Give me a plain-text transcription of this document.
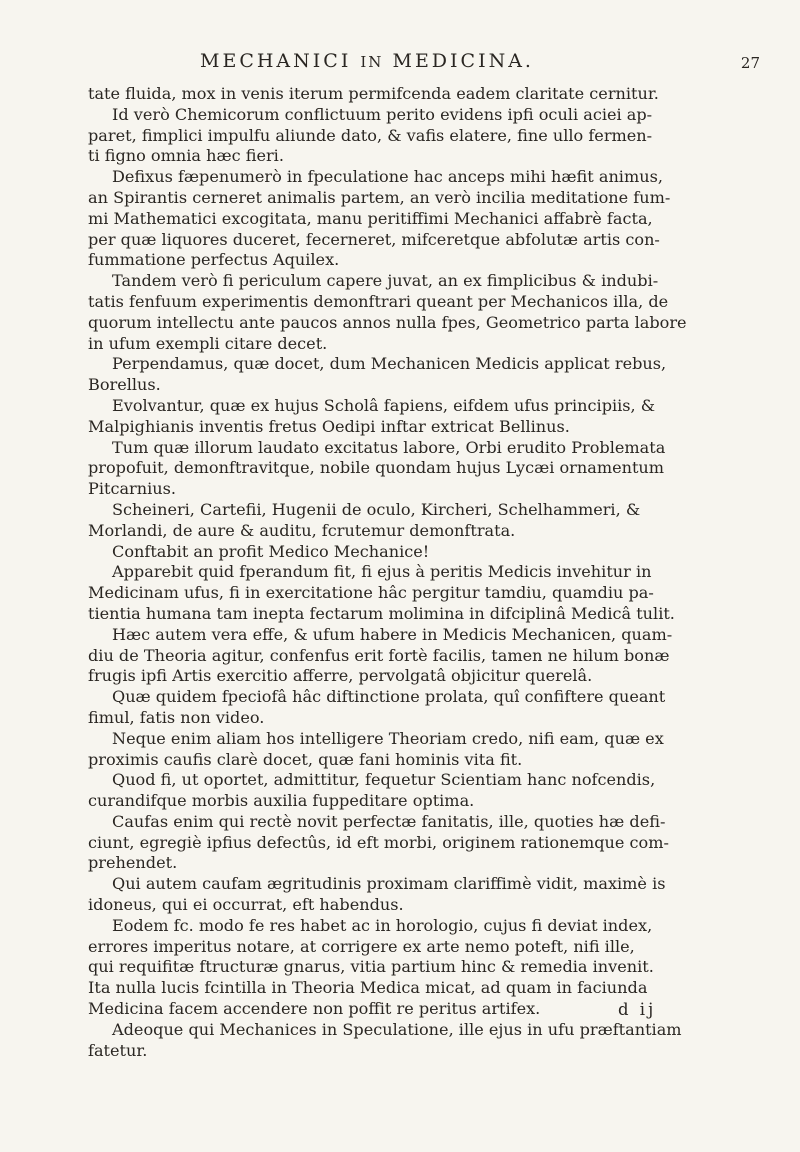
MECHANICI IN MEDICINA.	27
tate fluida, mox in venis iterum permifcenda eadem claritate cernitur.
Id verò Chemicorum conflictuum perito evidens ipfi oculi aciei ap-
paret, fimplici impulfu aliunde dato, & vafis elatere, fine ullo fermen-
ti figno omnia hæc fieri.
Defixus fæpenumerò in fpeculatione hac anceps mihi hæfit animus,
an Spirantis cerneret animalis partem, an verò incilia meditatione fum-
mi Mathematici excogitata, manu peritiffimi Mechanici affabrè facta,
per quæ liquores duceret, fecerneret, mifceretque abfolutæ artis con-
fummatione perfectus Aquilex.
Tandem verò fi periculum capere juvat, an ex fimplicibus & indubi-
tatis fenfuum experimentis demonftrari queant per Mechanicos illa, de
quorum intellectu ante paucos annos nulla fpes, Geometrico parta labore
in ufum exempli citare decet.
Perpendamus, quæ docet, dum Mechanicen Medicis applicat rebus,
Borellus.
Evolvantur, quæ ex hujus Scholâ fapiens, eifdem ufus principiis, &
Malpighianis inventis fretus Oedipi inftar extricat Bellinus.
Tum quæ illorum laudato excitatus labore, Orbi erudito Problemata
propofuit, demonftravitque, nobile quondam hujus Lycæi ornamentum
Pitcarnius.
Scheineri, Cartefii, Hugenii de oculo, Kircheri, Schelhammeri, &
Morlandi, de aure & auditu, fcrutemur demonftrata.
Conftabit an profit Medico Mechanice!
Apparebit quid fperandum fit, fi ejus à peritis Medicis invehitur in
Medicinam ufus, fi in exercitatione hâc pergitur tamdiu, quamdiu pa-
tientia humana tam inepta fectarum molimina in difciplinâ Medicâ tulit.
Hæc autem vera effe, & ufum habere in Medicis Mechanicen, quam-
diu de Theoria agitur, confenfus erit fortè facilis, tamen ne hilum bonæ
frugis ipfi Artis exercitio afferre, pervolgatâ objicitur querelâ.
Quæ quidem fpeciofâ hâc diftinctione prolata, quî confiftere queant
fimul, fatis non video.
Neque enim aliam hos intelligere Theoriam credo, nifi eam, quæ ex
proximis caufis clarè docet, quæ fani hominis vita fit.
Quod fi, ut oportet, admittitur, fequetur Scientiam hanc nofcendis,
curandifque morbis auxilia fuppeditare optima.
Caufas enim qui rectè novit perfectæ fanitatis, ille, quoties hæ defi-
ciunt, egregiè ipfius defectûs, id eft morbi, originem rationemque com-
prehendet.
Qui autem caufam ægritudinis proximam clariffimè vidit, maximè is
idoneus, qui ei occurrat, eft habendus.
Eodem fc. modo fe res habet ac in horologio, cujus fi deviat index,
errores imperitus notare, at corrigere ex arte nemo poteft, nifi ille,
qui requifitæ ftructuræ gnarus, vitia partium hinc & remedia invenit.
Ita nulla lucis fcintilla in Theoria Medica micat, ad quam in faciunda
Medicina facem accendere non poffit re peritus artifex.
Adeoque qui Mechanices in Speculatione, ille ejus in ufu præftantiam
fatetur.
d ij
